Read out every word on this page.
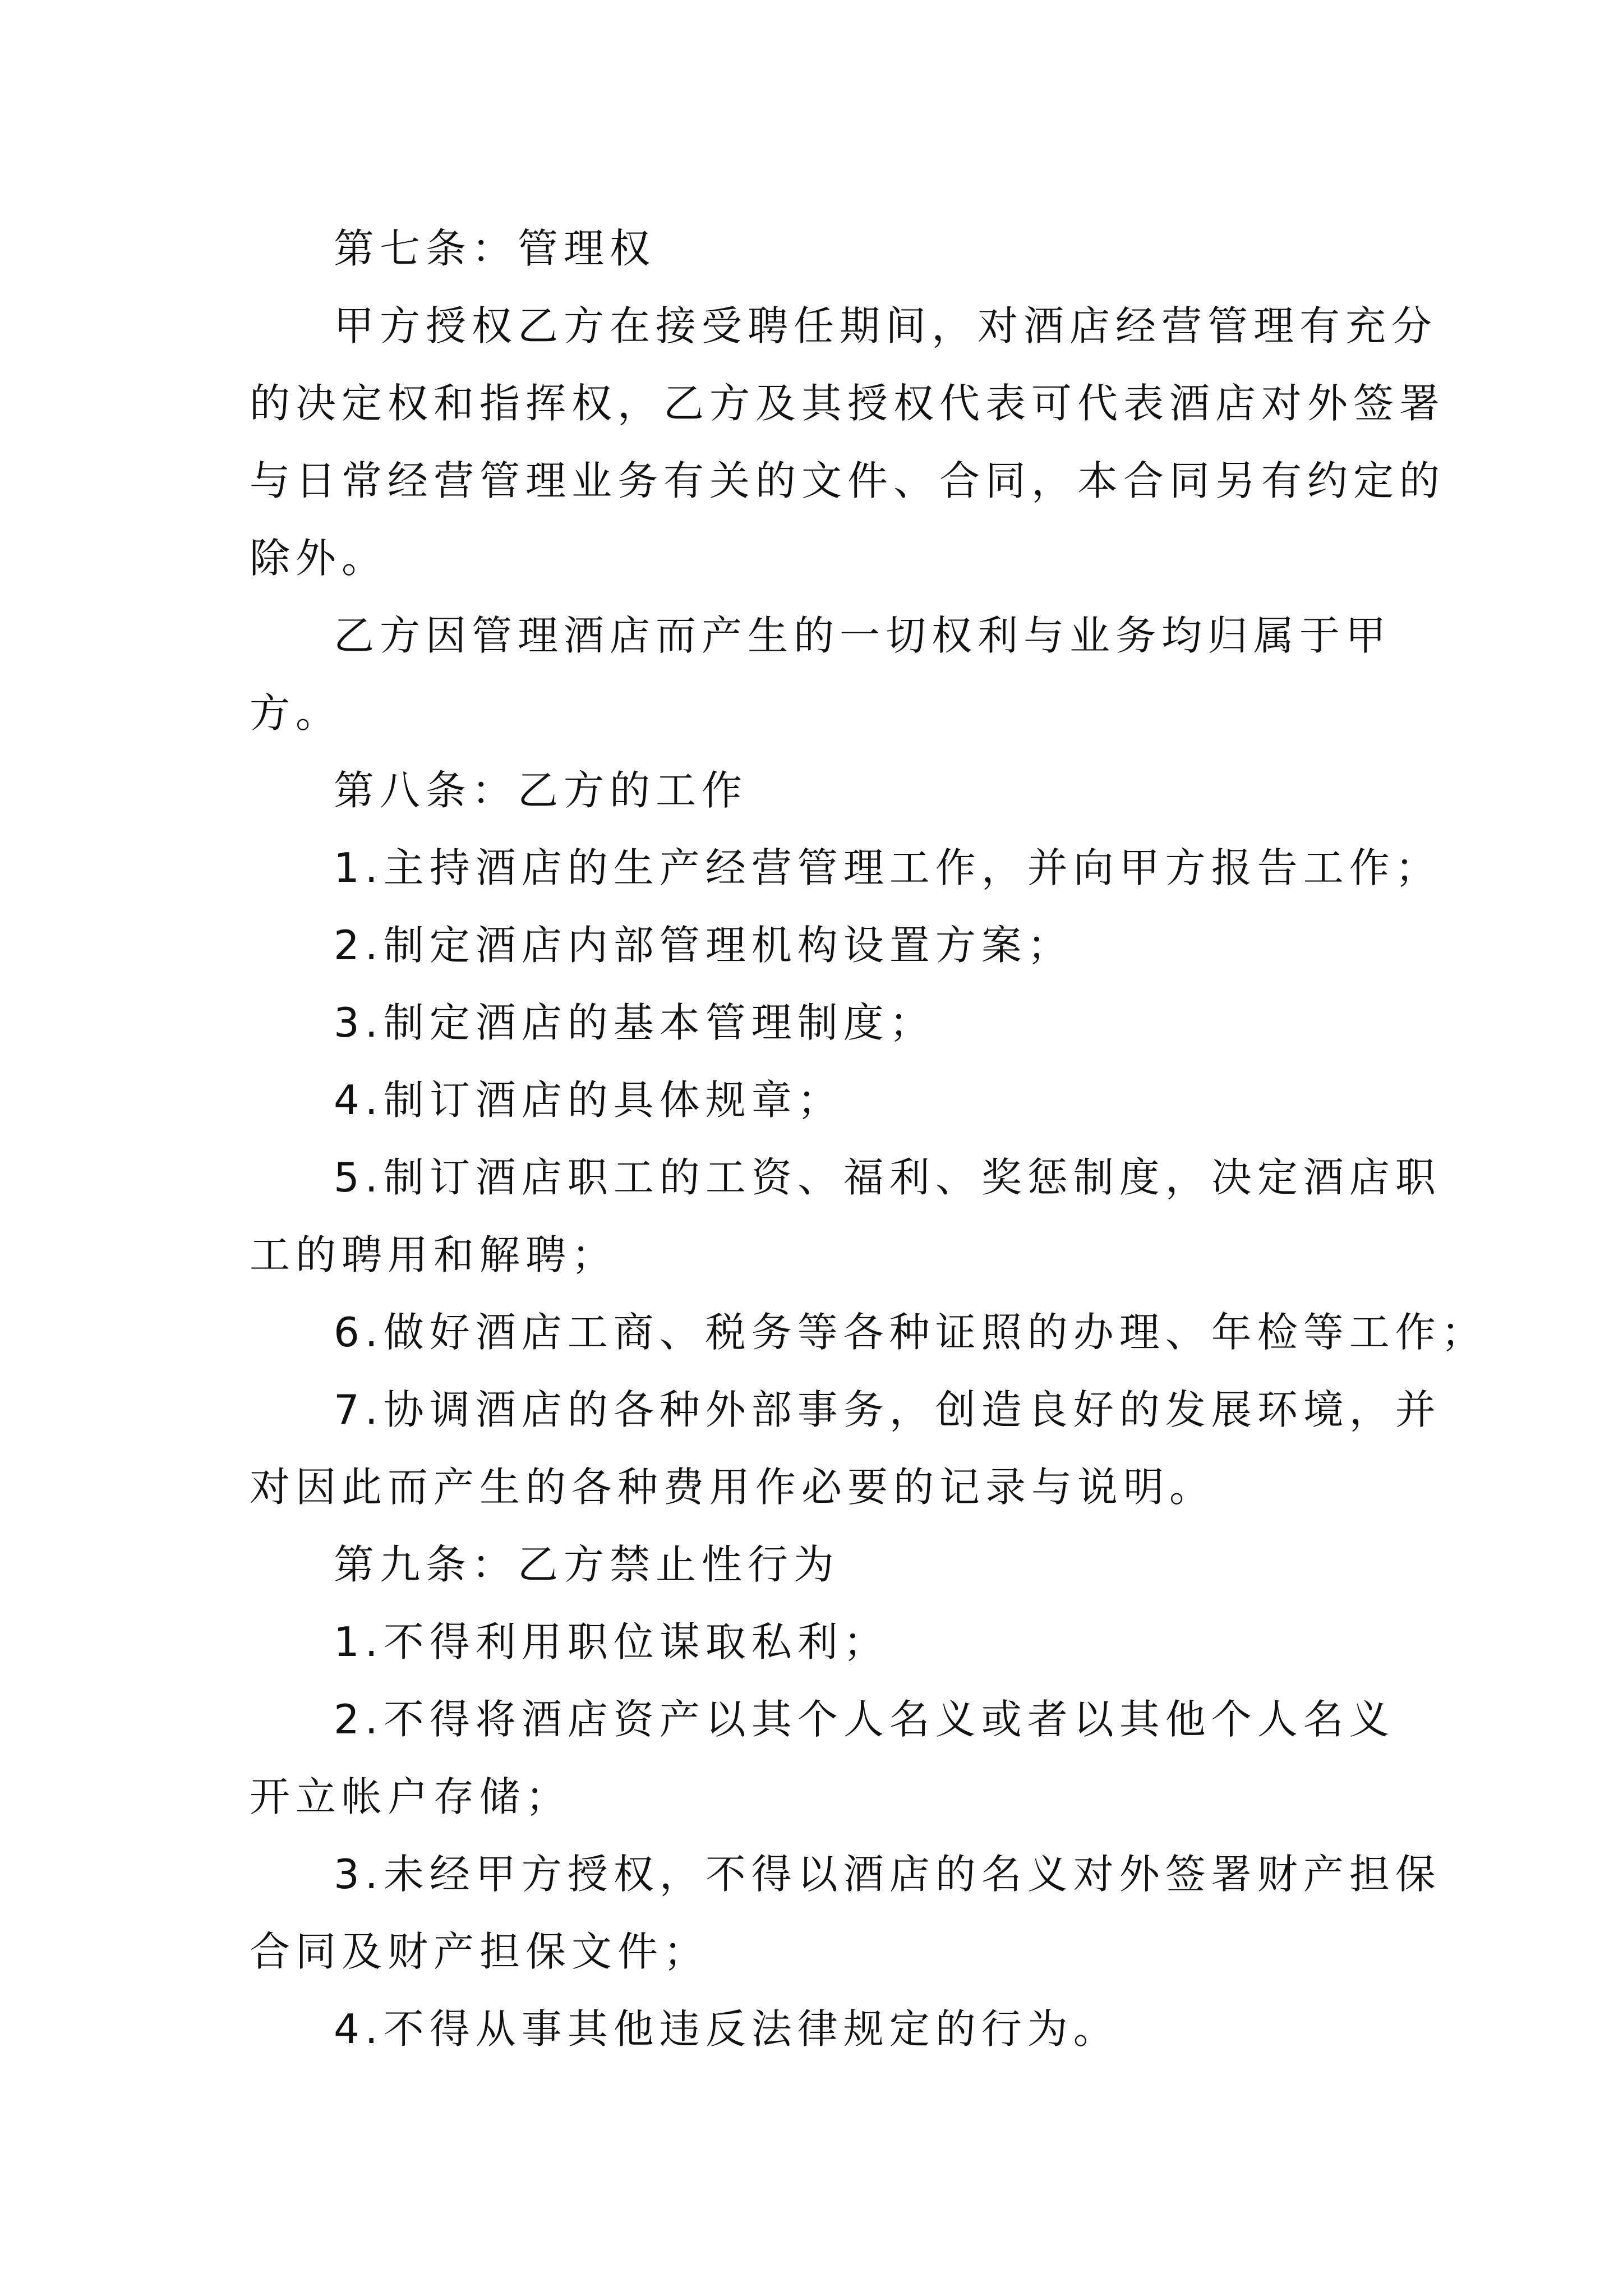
第七条：管理权
甲方授权乙方在接受聘任期间，对酒店经营管理有充分
的决定权和指挥权，乙方及其授权代表可代表酒店对外签署
与日常经营管理业务有关的文件、合同，本合同另有约定的
除外。
乙方因管理酒店而产生的一切权利与业务均归属于甲
方。
第八条：乙方的工作
1.主持酒店的生产经营管理工作，并向甲方报告工作；
2.制定酒店内部管理机构设置方案；
3.制定酒店的基本管理制度；
4.制订酒店的具体规章；
5.制订酒店职工的工资、福利、奖惩制度，决定酒店职
工的聘用和解聘；
6.做好酒店工商、税务等各种证照的办理、年检等工作；
7.协调酒店的各种外部事务，创造良好的发展环境，并
对因此而产生的各种费用作必要的记录与说明。
第九条：乙方禁止性行为
1.不得利用职位谋取私利；
2.不得将酒店资产以其个人名义或者以其他个人名义
开立帐户存储；
3.未经甲方授权，不得以酒店的名义对外签署财产担保
合同及财产担保文件；
4.不得从事其他违反法律规定的行为。
